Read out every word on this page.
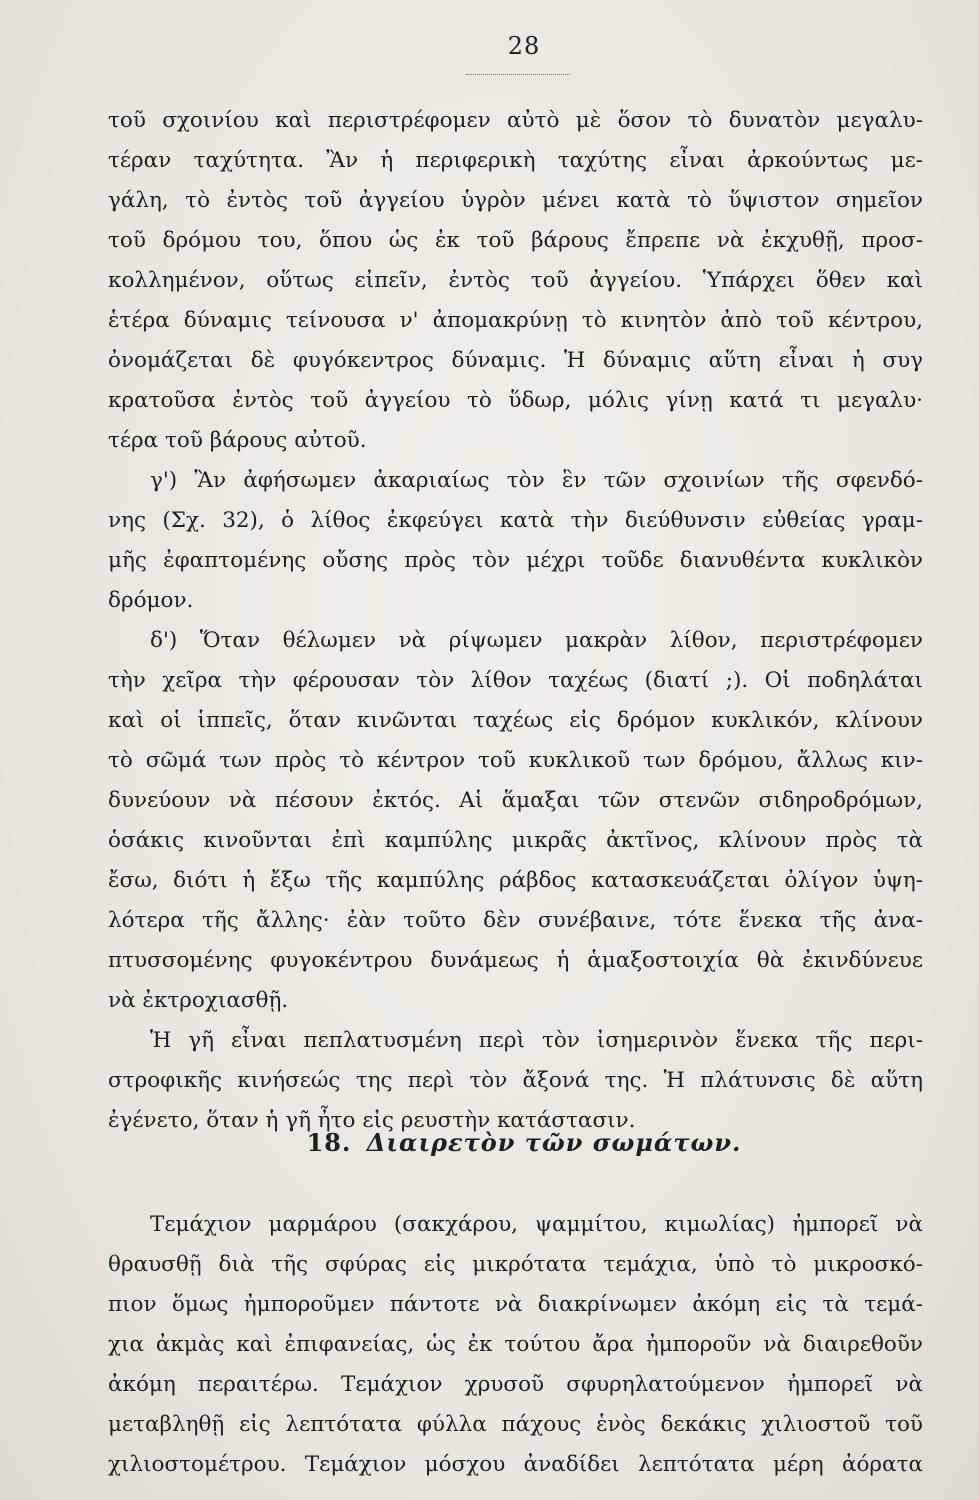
28
τοῦ σχοινίου καὶ περιστρέφομεν αὐτὸ μὲ ὅσον τὸ δυνατὸν μεγαλυ-
τέραν ταχύτητα. Ἂν ἡ περιφερικὴ ταχύτης εἶναι ἀρκούντως με-
γάλη, τὸ ἐντὸς τοῦ ἀγγείου ὑγρὸν μένει κατὰ τὸ ὕψιστον σημεῖον
τοῦ δρόμου του, ὅπου ὡς ἐκ τοῦ βάρους ἔπρεπε νὰ ἐκχυθῇ, προσ-
κολλημένον, οὕτως εἰπεῖν, ἐντὸς τοῦ ἀγγείου. Ὑπάρχει ὅθεν καὶ
ἑτέρα δύναμις τείνουσα ν' ἀπομακρύνῃ τὸ κινητὸν ἀπὸ τοῦ κέντρου,
ὀνομάζεται δὲ φυγόκεντρος δύναμις. Ἡ δύναμις αὕτη εἶναι ἡ συγ
κρατοῦσα ἐντὸς τοῦ ἀγγείου τὸ ὕδωρ, μόλις γίνῃ κατά τι μεγαλυ·
τέρα τοῦ βάρους αὐτοῦ.
γ') Ἂν ἀφήσωμεν ἀκαριαίως τὸν ἓν τῶν σχοινίων τῆς σφενδό-
νης (Σχ. 32), ὁ λίθος ἐκφεύγει κατὰ τὴν διεύθυνσιν εὐθείας γραμ-
μῆς ἐφαπτομένης οὔσης πρὸς τὸν μέχρι τοῦδε διανυθέντα κυκλικὸν
δρόμον.
δ') Ὅταν θέλωμεν νὰ ρίψωμεν μακρὰν λίθον, περιστρέφομεν
τὴν χεῖρα τὴν φέρουσαν τὸν λίθον ταχέως (διατί ;). Οἱ ποδηλάται
καὶ οἱ ἱππεῖς, ὅταν κινῶνται ταχέως εἰς δρόμον κυκλικόν, κλίνουν
τὸ σῶμά των πρὸς τὸ κέντρον τοῦ κυκλικοῦ των δρόμου, ἄλλως κιν-
δυνεύουν νὰ πέσουν ἐκτός. Αἱ ἅμαξαι τῶν στενῶν σιδηροδρόμων,
ὁσάκις κινοῦνται ἐπὶ καμπύλης μικρᾶς ἀκτῖνος, κλίνουν πρὸς τὰ
ἔσω, διότι ἡ ἔξω τῆς καμπύλης ράβδος κατασκευάζεται ὀλίγον ὑψη-
λότερα τῆς ἄλλης· ἐὰν τοῦτο δὲν συνέβαινε, τότε ἕνεκα τῆς ἀνα-
πτυσσομένης φυγοκέντρου δυνάμεως ἡ ἁμαξοστοιχία θὰ ἐκινδύνευε
νὰ ἐκτροχιασθῇ.
Ἡ γῆ εἶναι πεπλατυσμένη περὶ τὸν ἰσημερινὸν ἕνεκα τῆς περι-
στροφικῆς κινήσεώς της περὶ τὸν ἄξονά της. Ἡ πλάτυνσις δὲ αὕτη
ἐγένετο, ὅταν ἡ γῆ ἦτο εἰς ρευστὴν κατάστασιν.
18. Διαιρετὸν τῶν σωμάτων.
Τεμάχιον μαρμάρου (σακχάρου, ψαμμίτου, κιμωλίας) ἠμπορεῖ νὰ
θραυσθῇ διὰ τῆς σφύρας εἰς μικρότατα τεμάχια, ὑπὸ τὸ μικροσκό-
πιον ὅμως ἠμποροῦμεν πάντοτε νὰ διακρίνωμεν ἀκόμη εἰς τὰ τεμά-
χια ἀκμὰς καὶ ἐπιφανείας, ὡς ἐκ τούτου ἄρα ἠμποροῦν νὰ διαιρεθοῦν
ἀκόμη περαιτέρω. Τεμάχιον χρυσοῦ σφυρηλατούμενον ἠμπορεῖ νὰ
μεταβληθῇ εἰς λεπτότατα φύλλα πάχους ἑνὸς δεκάκις χιλιοστοῦ τοῦ
χιλιοστομέτρου. Τεμάχιον μόσχου ἀναδίδει λεπτότατα μέρη ἀόρατα
